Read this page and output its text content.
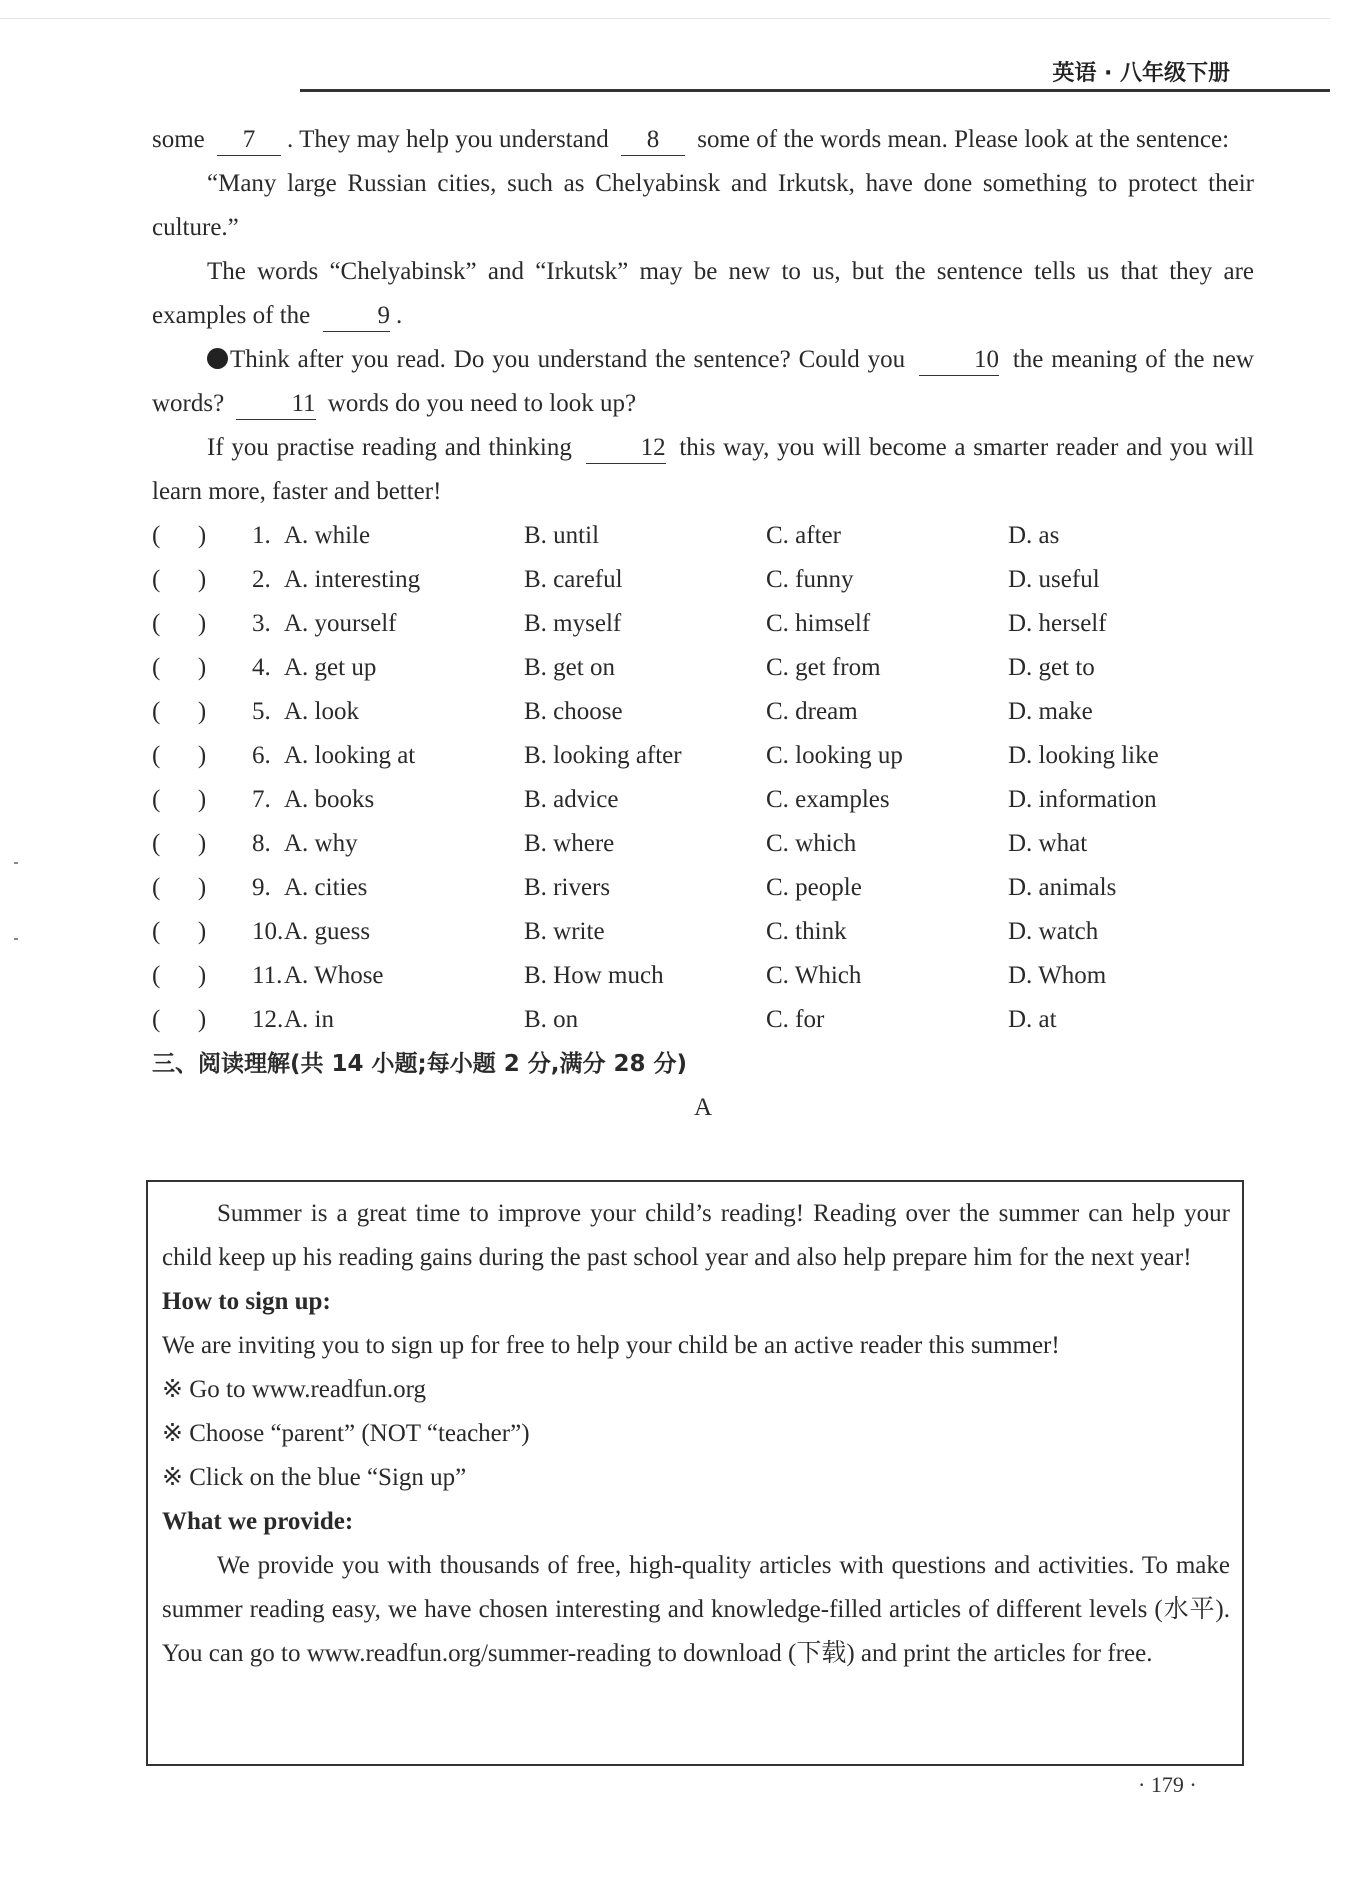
英语 · 八年级下册

some 7 . They may help you understand 8 some of the words mean. Please look at the sentence:

“Many large Russian cities, such as Chelyabinsk and Irkutsk, have done something to protect their culture.”

The words “Chelyabinsk” and “Irkutsk” may be new to us, but the sentence tells us that they are examples of the	9 .

Think after you read. Do you understand the sentence? Could you	10 the meaning of the new words?	11 words do you need to look up?

If you practise reading and thinking	12 this way, you will become a smarter reader and you will learn more, faster and better!

(      )	1. A. while	B. until	C. after	D. as
(      )	2. A. interesting	B. careful	C. funny	D. useful
(      )	3. A. yourself	B. myself	C. himself	D. herself
(      )	4. A. get up	B. get on	C. get from	D. get to
(      )	5. A. look	B. choose	C. dream	D. make
(      )	6. A. looking at	B. looking after	C. looking up	D. looking like
(      )	7. A. books	B. advice	C. examples	D. information
(      )	8. A. why	B. where	C. which	D. what
(      )	9. A. cities	B. rivers	C. people	D. animals
(      )	10. A. guess	B. write	C. think	D. watch
(      )	11. A. Whose	B. How much	C. Which	D. Whom
(      )	12. A. in	B. on	C. for	D. at
三、阅读理解(共 14 小题;每小题 2 分,满分 28 分)
A

Summer is a great time to improve your child’s reading! Reading over the summer can help your child keep up his reading gains during the past school year and also help prepare him for the next year!

How to sign up:

We are inviting you to sign up for free to help your child be an active reader this summer!

※ Go to www.readfun.org

※ Choose “parent” (NOT “teacher”)

※ Click on the blue “Sign up”

What we provide:

We provide you with thousands of free, high-quality articles with questions and activities. To make summer reading easy, we have chosen interesting and knowledge-filled articles of different levels (水平). You can go to www.readfun.org/summer-reading to download (下载) and print the articles for free.

· 179 ·
